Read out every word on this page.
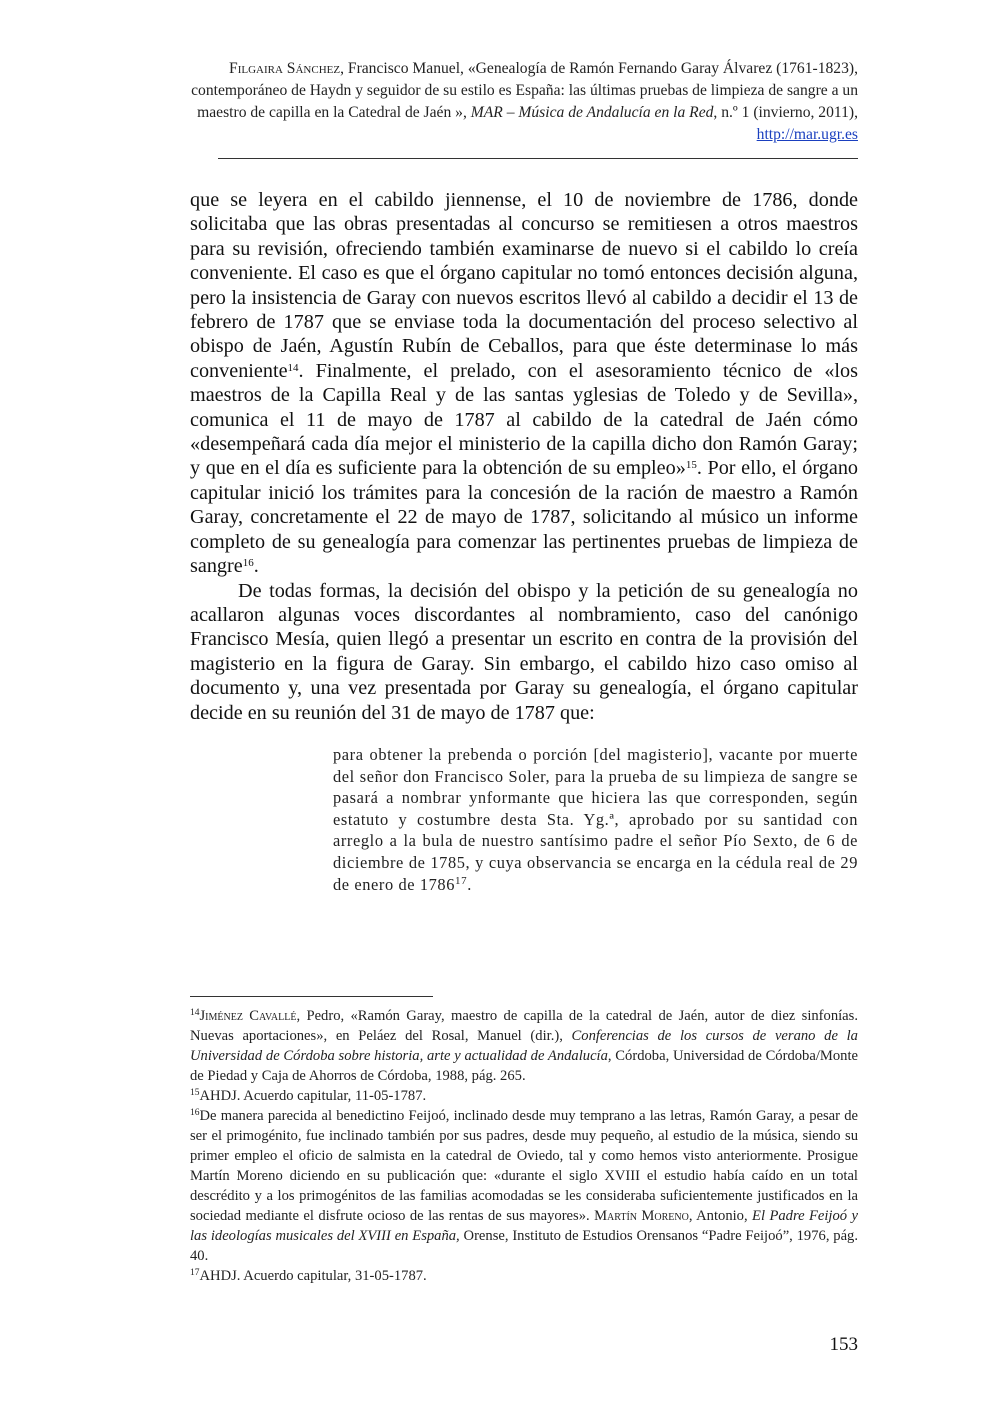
Filgaira Sánchez, Francisco Manuel, «Genealogía de Ramón Fernando Garay Álvarez (1761-1823), contemporáneo de Haydn y seguidor de su estilo es España: las últimas pruebas de limpieza de sangre a un maestro de capilla en la Catedral de Jaén », MAR – Música de Andalucía en la Red, n.º 1 (invierno, 2011), http://mar.ugr.es

que se leyera en el cabildo jiennense, el 10 de noviembre de 1786, donde solicitaba que las obras presentadas al concurso se remitiesen a otros maestros para su revisión, ofreciendo también examinarse de nuevo si el cabildo lo creía conveniente. El caso es que el órgano capitular no tomó entonces decisión alguna, pero la insistencia de Garay con nuevos escritos llevó al cabildo a decidir el 13 de febrero de 1787 que se enviase toda la documentación del proceso selectivo al obispo de Jaén, Agustín Rubín de Ceballos, para que éste determinase lo más conveniente$^{14}$. Finalmente, el prelado, con el asesoramiento técnico de «los maestros de la Capilla Real y de las santas yglesias de Toledo y de Sevilla», comunica el 11 de mayo de 1787 al cabildo de la catedral de Jaén cómo «desempeñará cada día mejor el ministerio de la capilla dicho don Ramón Garay; y que en el día es suficiente para la obtención de su empleo»$^{15}$. Por ello, el órgano capitular inició los trámites para la concesión de la ración de maestro a Ramón Garay, concretamente el 22 de mayo de 1787, solicitando al músico un informe completo de su genealogía para comenzar las pertinentes pruebas de limpieza de sangre$^{16}$.

De todas formas, la decisión del obispo y la petición de su genealogía no acallaron algunas voces discordantes al nombramiento, caso del canónigo Francisco Mesía, quien llegó a presentar un escrito en contra de la provisión del magisterio en la figura de Garay. Sin embargo, el cabildo hizo caso omiso al documento y, una vez presentada por Garay su genealogía, el órgano capitular decide en su reunión del 31 de mayo de 1787 que:

para obtener la prebenda o porción [del magisterio], vacante por muerte del señor don Francisco Soler, para la prueba de su limpieza de sangre se pasará a nombrar ynformante que hiciera las que corresponden, según estatuto y costumbre desta Sta. Yg.ª, aprobado por su santidad con arreglo a la bula de nuestro santísimo padre el señor Pío Sexto, de 6 de diciembre de 1785, y cuya observancia se encarga en la cédula real de 29 de enero de 1786$^{17}$.

$^{14}$Jiménez Cavallé, Pedro, «Ramón Garay, maestro de capilla de la catedral de Jaén, autor de diez sinfonías. Nuevas aportaciones», en Peláez del Rosal, Manuel (dir.), Conferencias de los cursos de verano de la Universidad de Córdoba sobre historia, arte y actualidad de Andalucía, Córdoba, Universidad de Córdoba/Monte de Piedad y Caja de Ahorros de Córdoba, 1988, pág. 265.

$^{15}$AHDJ. Acuerdo capitular, 11-05-1787.

$^{16}$De manera parecida al benedictino Feijoó, inclinado desde muy temprano a las letras, Ramón Garay, a pesar de ser el primogénito, fue inclinado también por sus padres, desde muy pequeño, al estudio de la música, siendo su primer empleo el oficio de salmista en la catedral de Oviedo, tal y como hemos visto anteriormente. Prosigue Martín Moreno diciendo en su publicación que: «durante el siglo XVIII el estudio había caído en un total descrédito y a los primogénitos de las familias acomodadas se les consideraba suficientemente justificados en la sociedad mediante el disfrute ocioso de las rentas de sus mayores». Martín Moreno, Antonio, El Padre Feijoó y las ideologías musicales del XVIII en España, Orense, Instituto de Estudios Orensanos “Padre Feijoó”, 1976, pág. 40.

$^{17}$AHDJ. Acuerdo capitular, 31-05-1787.

153
